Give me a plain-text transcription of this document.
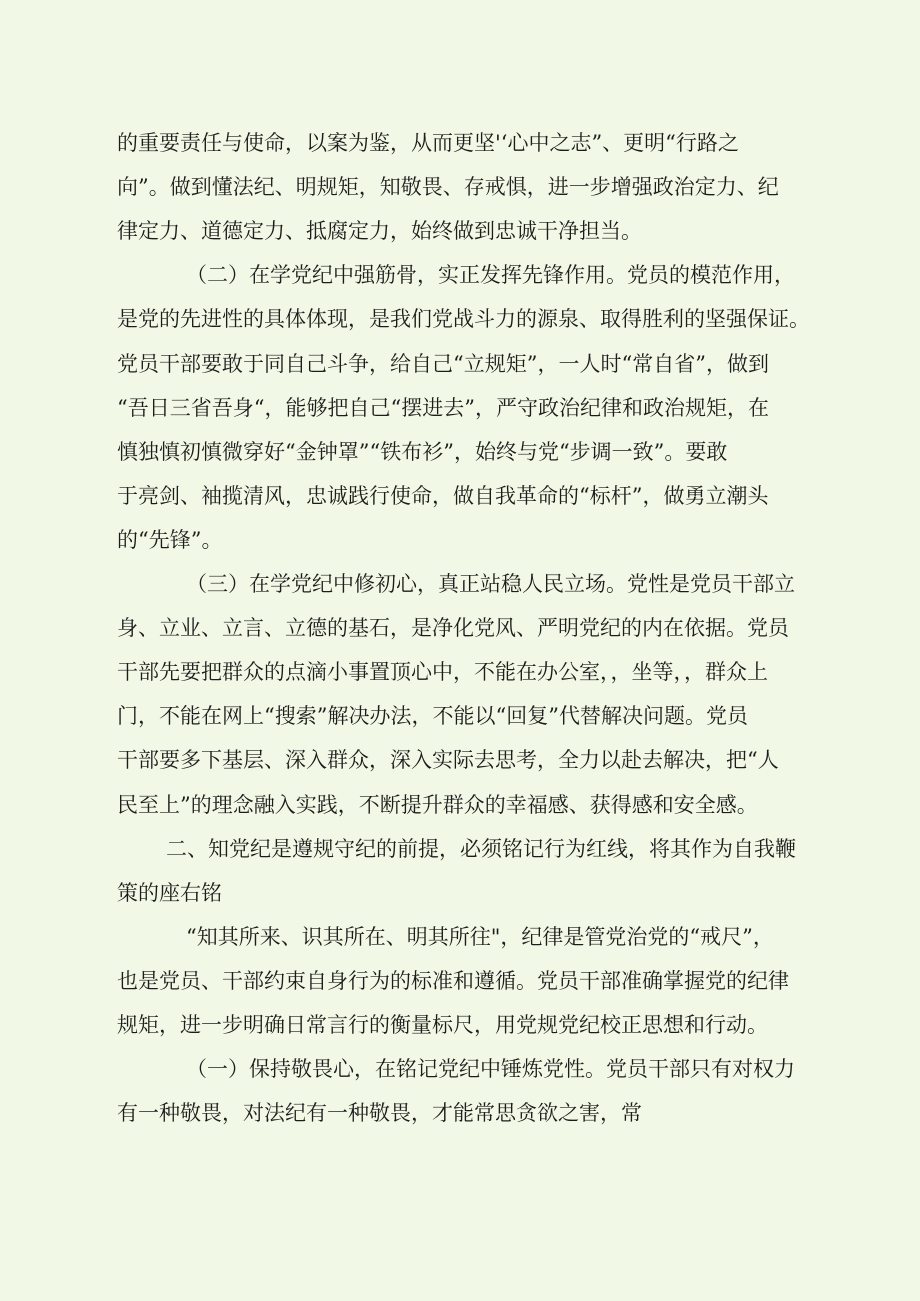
的重要责任与使命，以案为鉴，从而更坚'‘心中之志”、更明“行路之
向”。做到懂法纪、明规矩，知敬畏、存戒惧，进一步增强政治定力、纪
律定力、道德定力、抵腐定力，始终做到忠诚干净担当。
（二）在学党纪中强筋骨，实正发挥先锋作用。党员的模范作用，
是党的先进性的具体体现，是我们党战斗力的源泉、取得胜利的坚强保证。
党员干部要敢于同自己斗争，给自己“立规矩”，一人时“常自省”，做到
“吾日三省吾身“，能够把自己“摆进去”，严守政治纪律和政治规矩，在
慎独慎初慎微穿好“金钟罩”“铁布衫”，始终与党“步调一致”。要敢
于亮剑、袖揽清风，忠诚践行使命，做自我革命的“标杆”，做勇立潮头
的“先锋”。
（三）在学党纪中修初心，真正站稳人民立场。党性是党员干部立
身、立业、立言、立德的基石，是净化党风、严明党纪的内在依据。党员
干部先要把群众的点滴小事置顶心中，不能在办公室，，坐等，，群众上
门，不能在网上“搜索”解决办法，不能以“回复”代替解决问题。党员
干部要多下基层、深入群众，深入实际去思考，全力以赴去解决，把“人
民至上”的理念融入实践，不断提升群众的幸福感、获得感和安全感。
二、知党纪是遵规守纪的前提，必须铭记行为红线，将其作为自我鞭
策的座右铭
“知其所来、识其所在、明其所往"，纪律是管党治党的“戒尺”，
也是党员、干部约束自身行为的标准和遵循。党员干部准确掌握党的纪律
规矩，进一步明确日常言行的衡量标尺，用党规党纪校正思想和行动。
（一）保持敬畏心，在铭记党纪中锤炼党性。党员干部只有对权力
有一种敬畏，对法纪有一种敬畏，才能常思贪欲之害，常
